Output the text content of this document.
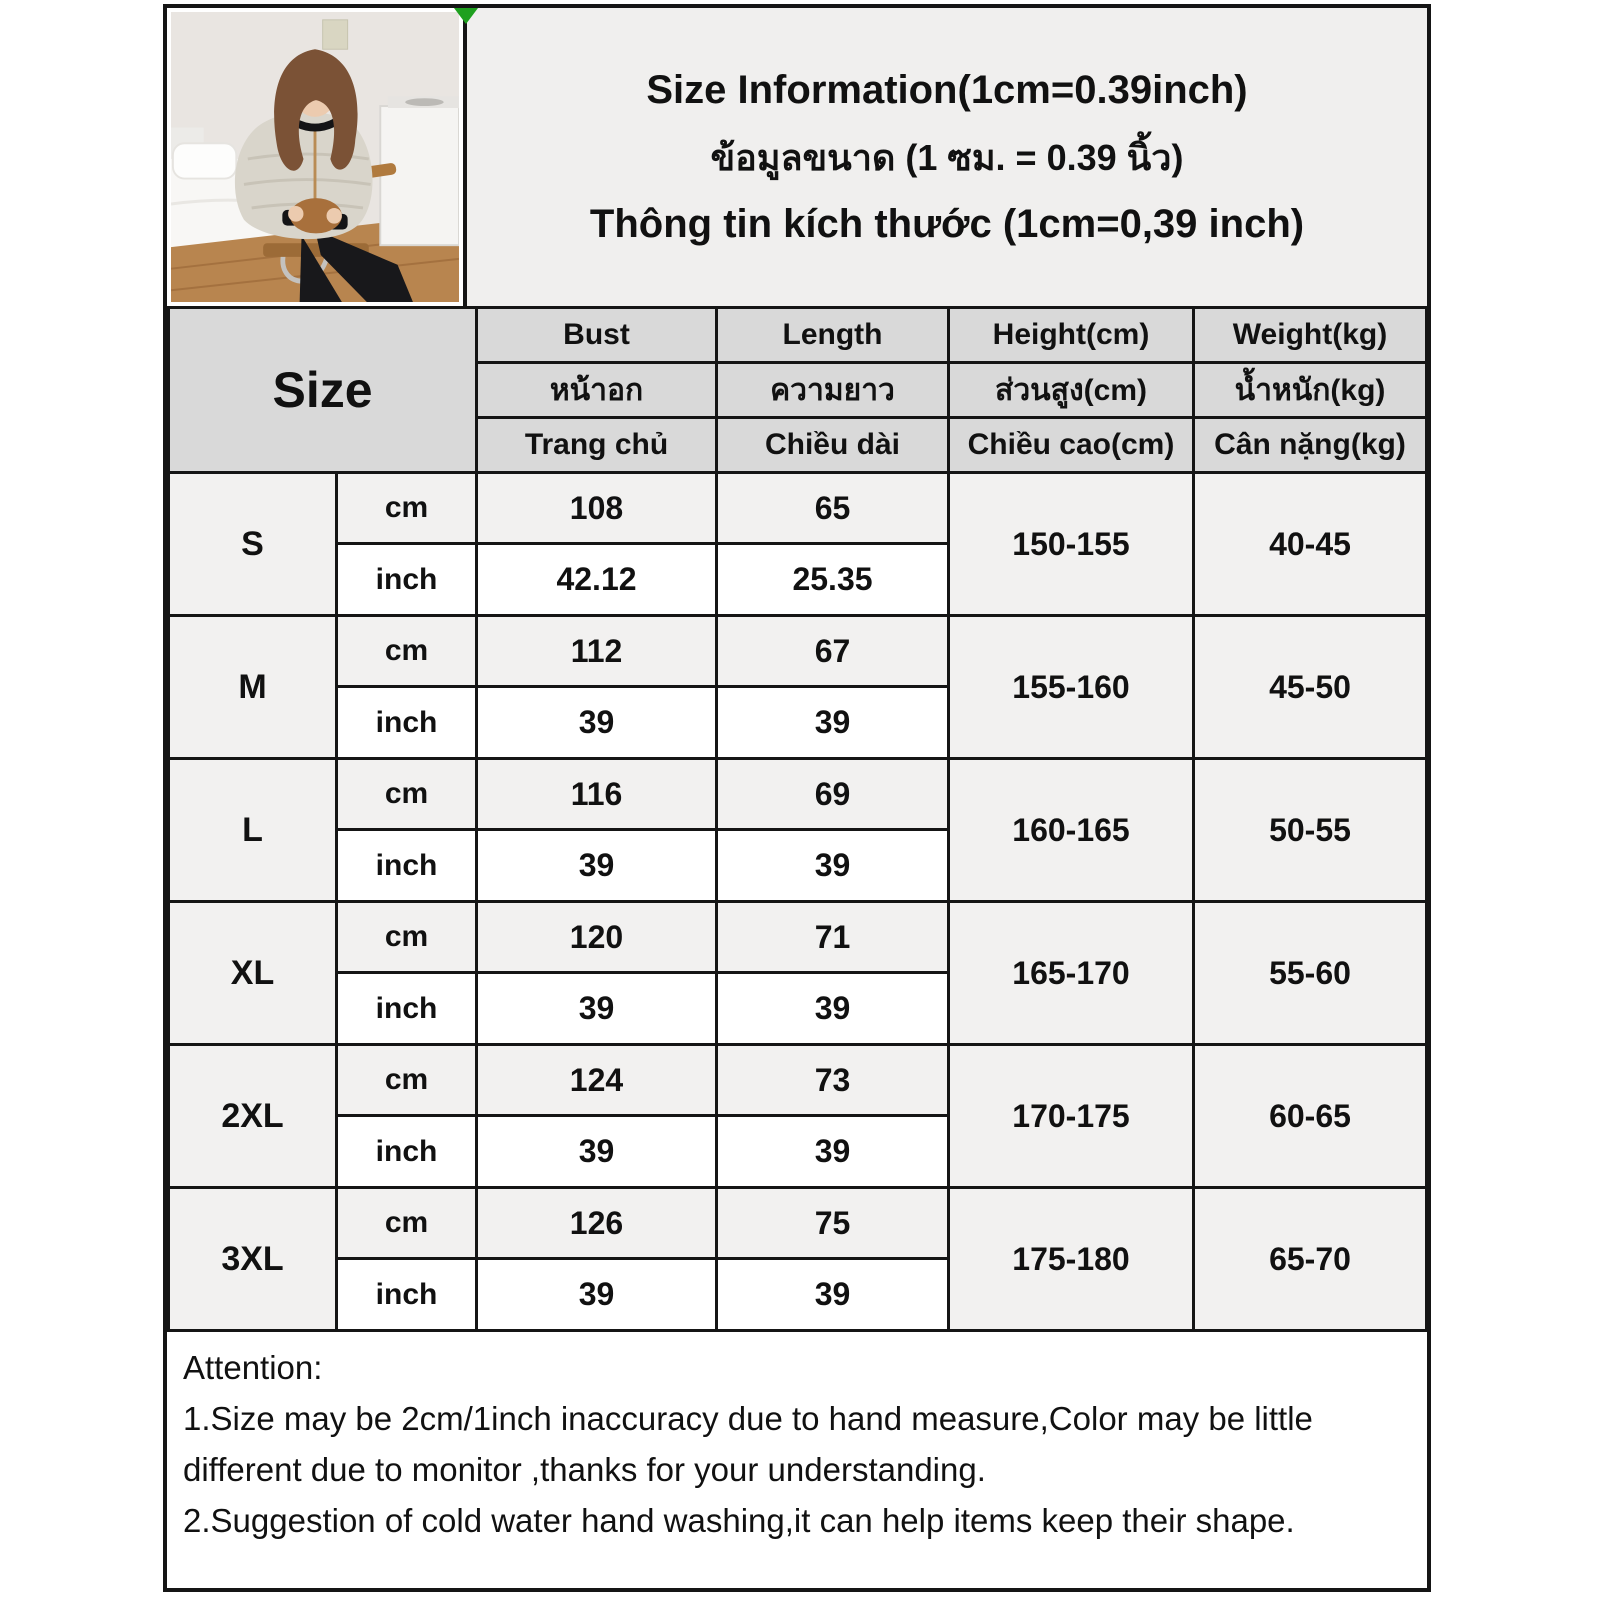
Size Information(1cm=0.39inch)
ข้อมูลขนาด (1 ซม. = 0.39 นิ้ว)
Thông tin kích thước (1cm=0,39 inch)
Size		Bust	Length	Height(cm)	Weight(kg)
		หน้าอก	ความยาว	ส่วนสูง(cm)	น้ำหนัก(kg)
		Trang chủ	Chiều dài	Chiều cao(cm)	Cân nặng(kg)
S	cm	108	65	150-155	40-45
	inch	42.12	25.35		
M	cm	112	67	155-160	45-50
	inch	39	39		
L	cm	116	69	160-165	50-55
	inch	39	39		
XL	cm	120	71	165-170	55-60
	inch	39	39		
2XL	cm	124	73	170-175	60-65
	inch	39	39		
3XL	cm	126	75	175-180	65-70
	inch	39	39		
Attention:
1.Size may be 2cm/1inch inaccuracy due to hand measure,Color may be little different due to monitor ,thanks for your understanding.
2.Suggestion of cold water hand washing,it can help items keep their shape.
